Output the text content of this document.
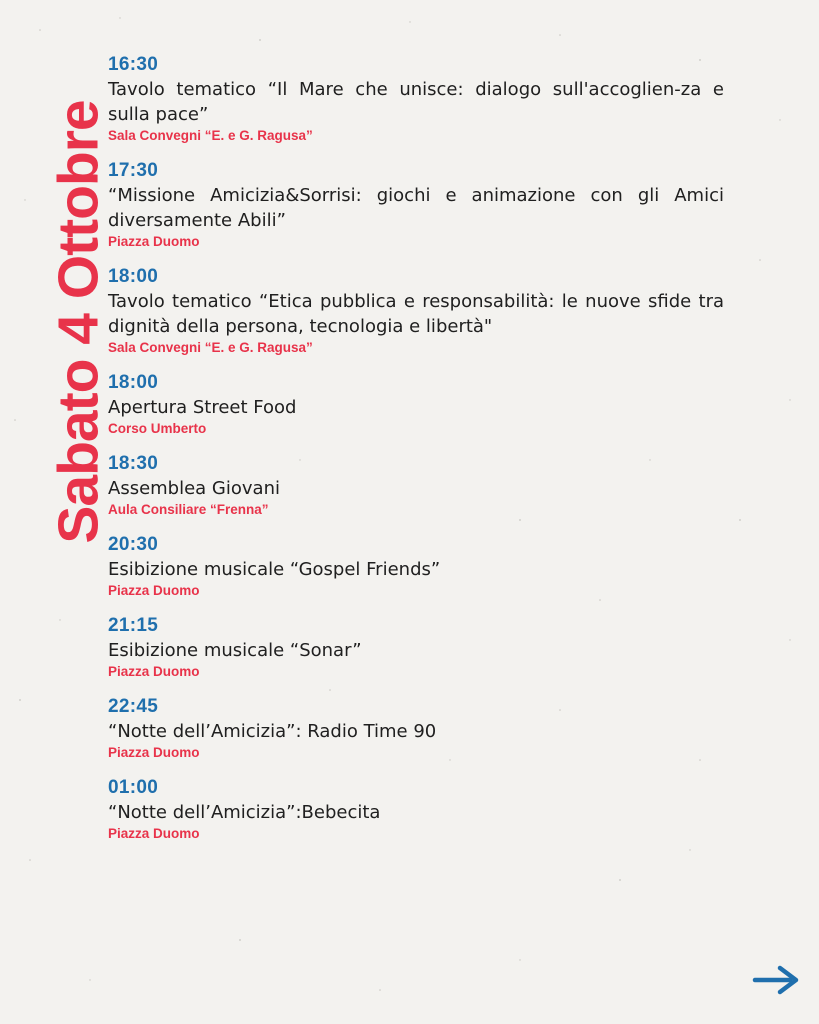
Sabato 4 Ottobre
16:30
Tavolo tematico “Il Mare che unisce: dialogo sull'accoglien-za e sulla pace”
Sala Convegni “E. e G. Ragusa”
17:30
“Missione Amicizia&Sorrisi: giochi e animazione con gli Amici diversamente Abili”
Piazza Duomo
18:00
Tavolo tematico “Etica pubblica e responsabilità: le nuove sfide tra dignità della persona, tecnologia e libertà"
Sala Convegni “E. e G. Ragusa”
18:00
Apertura Street Food
Corso Umberto
18:30
Assemblea Giovani
Aula Consiliare “Frenna”
20:30
Esibizione musicale “Gospel Friends”
Piazza Duomo
21:15
Esibizione musicale “Sonar”
Piazza Duomo
22:45
“Notte dell’Amicizia”: Radio Time 90
Piazza Duomo
01:00
“Notte dell’Amicizia”:Bebecita
Piazza Duomo
